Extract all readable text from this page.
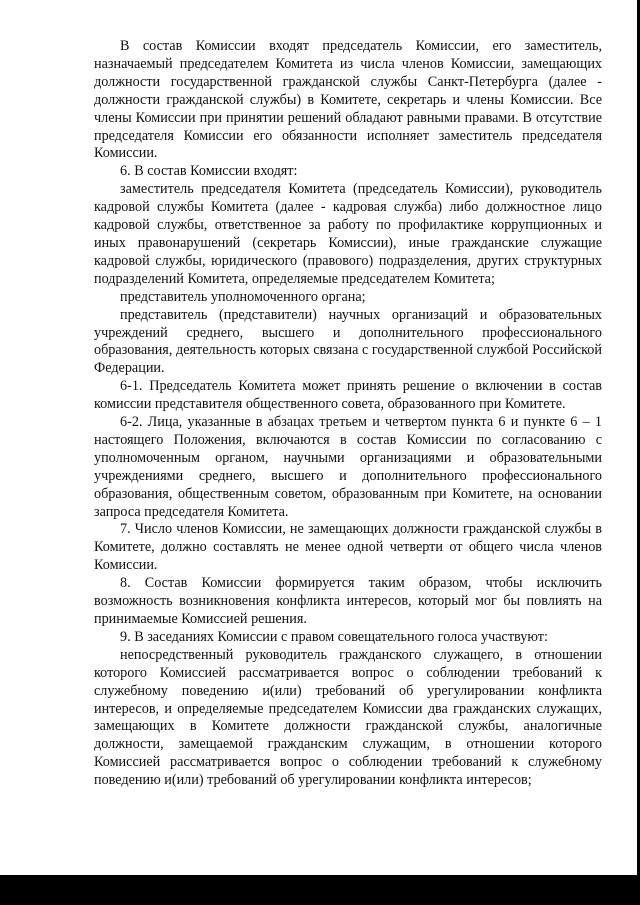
В состав Комиссии входят председатель Комиссии, его заместитель, назначаемый председателем Комитета из числа членов Комиссии, замещающих должности государственной гражданской службы Санкт-Петербурга (далее - должности гражданской службы) в Комитете, секретарь и члены Комиссии. Все члены Комиссии при принятии решений обладают равными правами. В отсутствие председателя Комиссии его обязанности исполняет заместитель председателя Комиссии.

6. В состав Комиссии входят:

заместитель председателя Комитета (председатель Комиссии), руководитель кадровой службы Комитета (далее - кадровая служба) либо должностное лицо кадровой службы, ответственное за работу по профилактике коррупционных и иных правонарушений (секретарь Комиссии), иные гражданские служащие кадровой службы, юридического (правового) подразделения, других структурных подразделений Комитета, определяемые председателем Комитета;

представитель уполномоченного органа;

представитель (представители) научных организаций и образовательных учреждений среднего, высшего и дополнительного профессионального образования, деятельность которых связана с государственной службой Российской Федерации.

6-1. Председатель Комитета может принять решение о включении в состав комиссии представителя общественного совета, образованного при Комитете.

6-2. Лица, указанные в абзацах третьем и четвертом пункта 6 и пункте 6 – 1 настоящего Положения, включаются в состав Комиссии по согласованию с уполномоченным органом, научными организациями и образовательными учреждениями среднего, высшего и дополнительного профессионального образования, общественным советом, образованным при Комитете, на основании запроса председателя Комитета.

7. Число членов Комиссии, не замещающих должности гражданской службы в Комитете, должно составлять не менее одной четверти от общего числа членов Комиссии.

8. Состав Комиссии формируется таким образом, чтобы исключить возможность возникновения конфликта интересов, который мог бы повлиять на принимаемые Комиссией решения.

9. В заседаниях Комиссии с правом совещательного голоса участвуют:

непосредственный руководитель гражданского служащего, в отношении которого Комиссией рассматривается вопрос о соблюдении требований к служебному поведению и(или) требований об урегулировании конфликта интересов, и определяемые председателем Комиссии два гражданских служащих, замещающих в Комитете должности гражданской службы, аналогичные должности, замещаемой гражданским служащим, в отношении которого Комиссией рассматривается вопрос о соблюдении требований к служебному поведению и(или) требований об урегулировании конфликта интересов;
